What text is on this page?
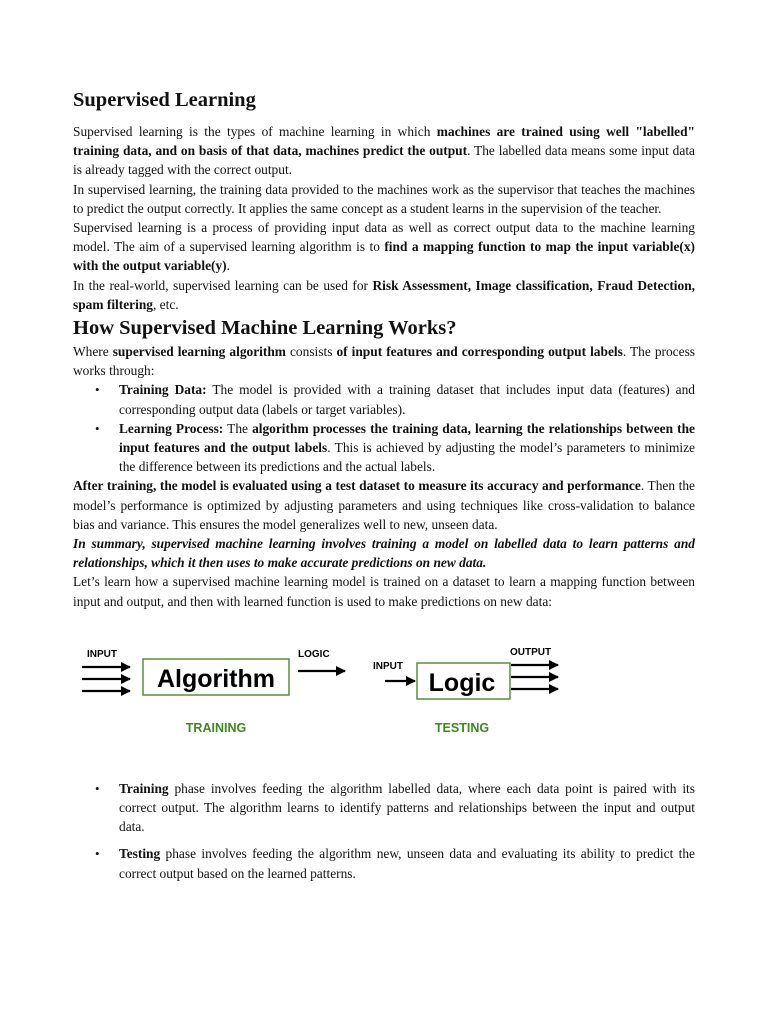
Supervised Learning

Supervised learning is the types of machine learning in which machines are trained using well "labelled" training data, and on basis of that data, machines predict the output. The labelled data means some input data is already tagged with the correct output.

In supervised learning, the training data provided to the machines work as the supervisor that teaches the machines to predict the output correctly. It applies the same concept as a student learns in the supervision of the teacher.

Supervised learning is a process of providing input data as well as correct output data to the machine learning model. The aim of a supervised learning algorithm is to find a mapping function to map the input variable(x) with the output variable(y).

In the real-world, supervised learning can be used for Risk Assessment, Image classification, Fraud Detection, spam filtering, etc.

How Supervised Machine Learning Works?

Where supervised learning algorithm consists of input features and corresponding output labels. The process works through:

• Training Data: The model is provided with a training dataset that includes input data (features) and corresponding output data (labels or target variables).
• Learning Process: The algorithm processes the training data, learning the relationships between the input features and the output labels. This is achieved by adjusting the model’s parameters to minimize the difference between its predictions and the actual labels.

After training, the model is evaluated using a test dataset to measure its accuracy and performance. Then the model’s performance is optimized by adjusting parameters and using techniques like cross-validation to balance bias and variance. This ensures the model generalizes well to new, unseen data.

In summary, supervised machine learning involves training a model on labelled data to learn patterns and relationships, which it then uses to make accurate predictions on new data.

Let’s learn how a supervised machine learning model is trained on a dataset to learn a mapping function between input and output, and then with learned function is used to make predictions on new data:

INPUT
Algorithm
LOGIC
TRAINING
INPUT
Logic
OUTPUT
TESTING
• Training phase involves feeding the algorithm labelled data, where each data point is paired with its correct output. The algorithm learns to identify patterns and relationships between the input and output data.
• Testing phase involves feeding the algorithm new, unseen data and evaluating its ability to predict the correct output based on the learned patterns.
